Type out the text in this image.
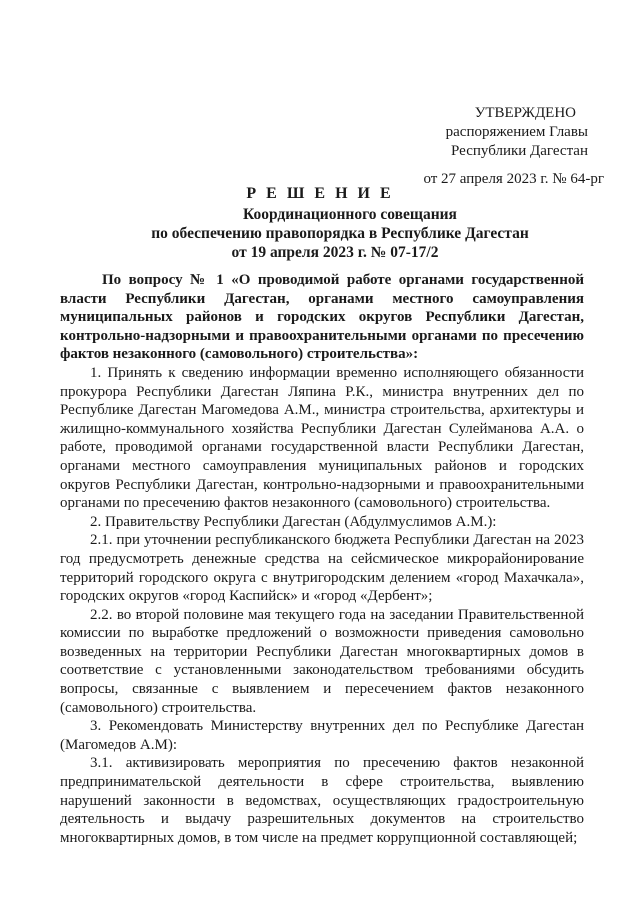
УТВЕРЖДЕНО
распоряжением Главы
Республики Дагестан
от 27 апреля 2023 г. № 64-рг
Р Е Ш Е Н И Е
Координационного совещания
по обеспечению правопорядка в Республике Дагестан
от 19 апреля 2023 г. № 07-17/2

По вопросу № 1 «О проводимой работе органами государственной власти Республики Дагестан, органами местного самоуправления муниципальных районов и городских округов Республики Дагестан, контрольно-надзорными и правоохранительными органами по пресечению фактов незаконного (самовольного) строительства»:

1. Принять к сведению информации временно исполняющего обязанности прокурора Республики Дагестан Ляпина Р.К., министра внутренних дел по Республике Дагестан Магомедова А.М., министра строительства, архитектуры и жилищно-коммунального хозяйства Республики Дагестан Сулейманова А.А. о работе, проводимой органами государственной власти Республики Дагестан, органами местного самоуправления муниципальных районов и городских округов Республики Дагестан, контрольно-надзорными и правоохранительными органами по пресечению фактов незаконного (самовольного) строительства.

2. Правительству Республики Дагестан (Абдулмуслимов А.М.):

2.1. при уточнении республиканского бюджета Республики Дагестан на 2023 год предусмотреть денежные средства на сейсмическое микрорайонирование территорий городского округа с внутригородским делением «город Махачкала», городских округов «город Каспийск» и «город «Дербент»;

2.2. во второй половине мая текущего года на заседании Правительственной комиссии по выработке предложений о возможности приведения самовольно возведенных на территории Республики Дагестан многоквартирных домов в соответствие с установленными законодательством требованиями обсудить вопросы, связанные с выявлением и пересечением фактов незаконного (самовольного) строительства.

3. Рекомендовать Министерству внутренних дел по Республике Дагестан (Магомедов А.М):

3.1. активизировать мероприятия по пресечению фактов незаконной предпринимательской деятельности в сфере строительства, выявлению нарушений законности в ведомствах, осуществляющих градостроительную деятельность и выдачу разрешительных документов на строительство многоквартирных домов, в том числе на предмет коррупционной составляющей;
